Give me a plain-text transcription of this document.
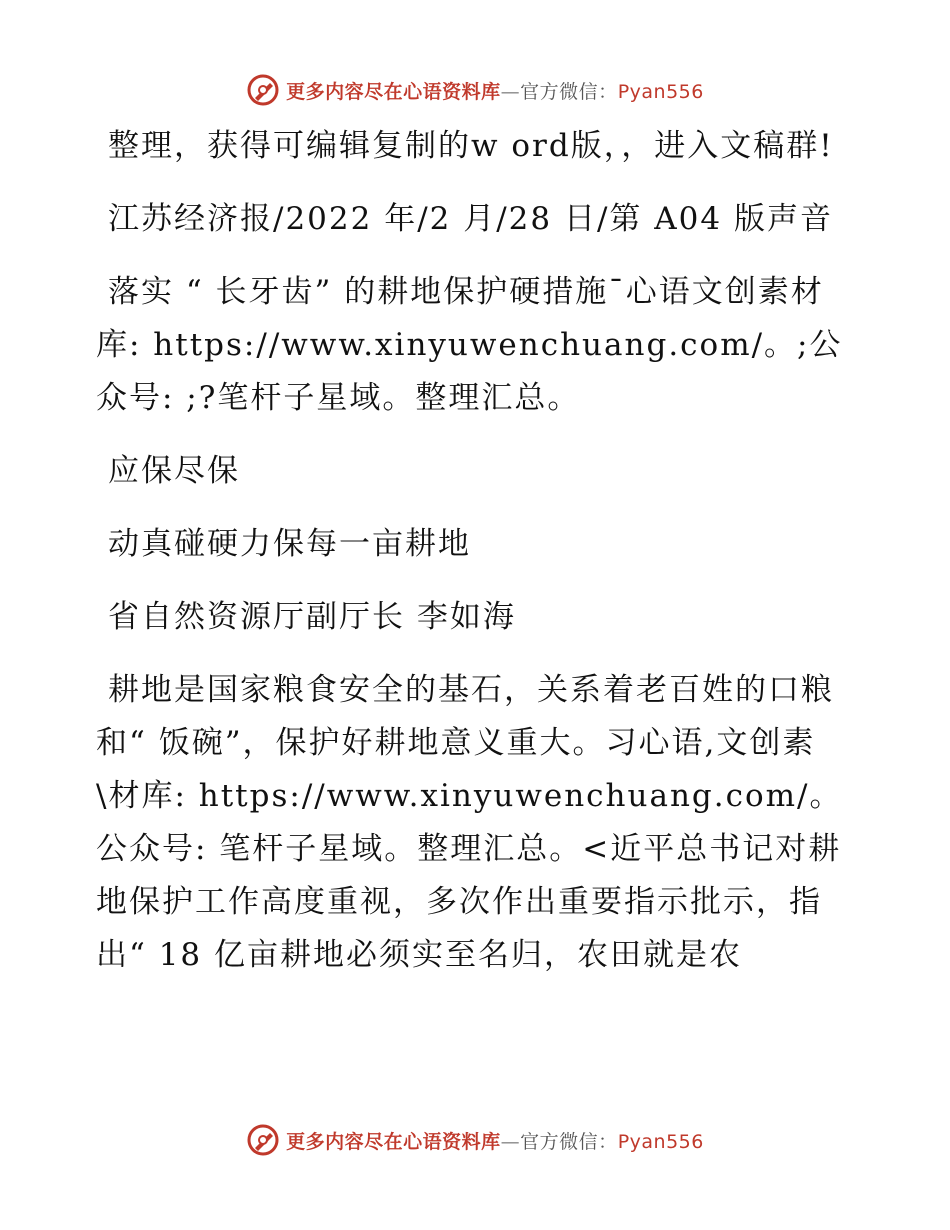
更多内容尽在心语资料库—官方微信：Pyan556

整理，获得可编辑复制的w ord版，，进入文稿群!

江苏经济报/2022 年/2 月/28 日/第 A04 版声音

落实 “ 长牙齿” 的耕地保护硬措施¯心语文创素材库: https://www.xinyuwenchuang.com/。;公众号: ;?笔杆子星域。整理汇总。

应保尽保

动真碰硬力保每一亩耕地

省自然资源厅副厅长 李如海

耕地是国家粮食安全的基石，关系着老百姓的口粮和“ 饭碗”，保护好耕地意义重大。习心语,文创素\材库: https://www.xinyuwenchuang.com/。公众号: 笔杆子星域。整理汇总。<近平总书记对耕地保护工作高度重视，多次作出重要指示批示，指出“ 18 亿亩耕地必须实至名归，农田就是农

更多内容尽在心语资料库—官方微信：Pyan556
